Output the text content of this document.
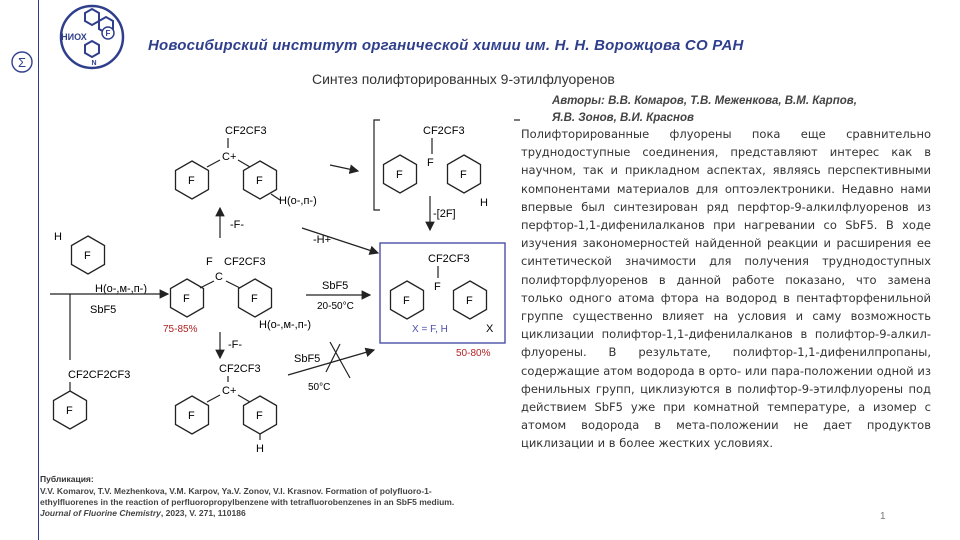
F
N
НИОХ
Σ
Новосибирский институт органической химии им. Н. Н. Ворожцова СО РАН
Синтез полифторированных 9-этилфлуоренов
Авторы: В.В. Комаров, Т.В. Меженкова, В.М. Карпов,
Я.В. Зонов, В.И. Краснов
Полифторированные флуорены пока еще сравнительно труднодоступные соединения, представляют интерес как в научном, так и прикладном аспектах, являясь перспективными компонентами материалов для оптоэлектроники. Недавно нами впервые был синтезирован ряд перфтор-9-алкилфлуоренов из перфтор-1,1-дифенилалканов при нагревании со SbF5. В ходе изучения закономерностей найденной реакции и расширения ее синтетической значимости для получения труднодоступных полифторфлуоренов в данной работе показано, что замена только одного атома фтора на водород в пентафторфенильной группе существенно влияет на условия и саму возможность циклизации полифтор-1,1-дифенилалканов в полифтор-9-алкил-флуорены. В результате, полифтор-1,1-дифенилпропаны, содержащие атом водорода в орто- или пара-положении одной из фенильных групп, циклизуются в полифтор-9-этилфлуорены под действием SbF5 уже при комнатной температуре, а изомер с атомом водорода в мета-положении не дает продуктов циклизации и в более жестких условиях.
CF2CF3
C+
F	F
H(о-,п-)
CF2CF3
F
F	F
H
-[2F]
-F-
-H+
H
F
H(о-,м-,п-)
SbF5
CF2CF2CF3
F
F CF2CF3
C
F	F
H(о-,м-,п-)
75-85%
SbF5
20-50°C
-F-
CF2CF3
C+
F	F
H
SbF5
50°C
CF2CF3
F
F	F
X = F, H	X
50-80%
Публикация:
V.V. Komarov, T.V. Mezhenkova, V.M. Karpov, Ya.V. Zonov, V.I. Krasnov. Formation of polyfluoro-1-ethylfluorenes in the reaction of perfluoropropylbenzene with tetrafluorobenzenes in an SbF5 medium. Journal of Fluorine Chemistry, 2023, V. 271, 110186	1
